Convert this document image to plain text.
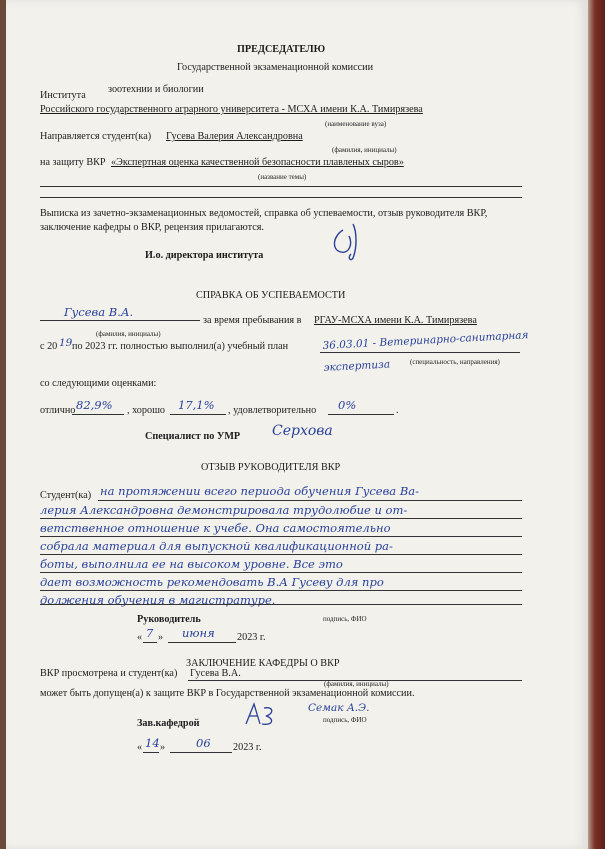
ПРЕДСЕДАТЕЛЮ
Государственной экзаменационной комиссии
Института
зоотехнии и биологии
Российского государственного аграрного университета - МСХА имени К.А. Тимирязева
(наименование вуза)
Направляется студент(ка) Гусева Валерия Александровна
(фамилия, инициалы)
на защиту ВКР «Экспертная оценка качественной безопасности плавленых сыров»
(название темы)
Выписка из зачетно-экзаменационных ведомостей, справка об успеваемости, отзыв руководителя ВКР, заключение кафедры о ВКР, рецензия прилагаются.
И.о. директора института
СПРАВКА ОБ УСПЕВАЕМОСТИ
Гусева В.А.
(фамилия, инициалы)
за время пребывания в РГАУ-МСХА имени К.А. Тимирязева
с 20 19 по 2023 гг. полностью выполнил(а) учебный план	36.03.01 - Ветеринарно-санитарная экспертиза	(специальность, направления)
со следующими оценками:
отлично 82,9% , хорошо 17,1% , удовлетворительно 0%	.
Специалист по УМР Серхова
ОТЗЫВ РУКОВОДИТЕЛЯ ВКР
Студент(ка) на протяжении всего периода обучения Гусева Ва-
лерия Александровна демонстрировала трудолюбие и от-
ветственное отношение к учебе. Она самостоятельно
собрала материал для выпускной квалификационной ра-
боты, выполнила ее на высоком уровне. Все это
дает возможность рекомендовать В.А Гусеву для про
должения обучения в магистратуре.
Руководитель	подпись, ФИО
« 7 » июня 2023 г.
ЗАКЛЮЧЕНИЕ КАФЕДРЫ О ВКР
ВКР просмотрена и студент(ка) Гусева В.А.
(фамилия, инициалы)
может быть допущен(а) к защите ВКР в Государственной экзаменационной комиссии.
Зав.кафедрой
Семак А.Э.
подпись, ФИО
« 14 »	06 2023 г.
